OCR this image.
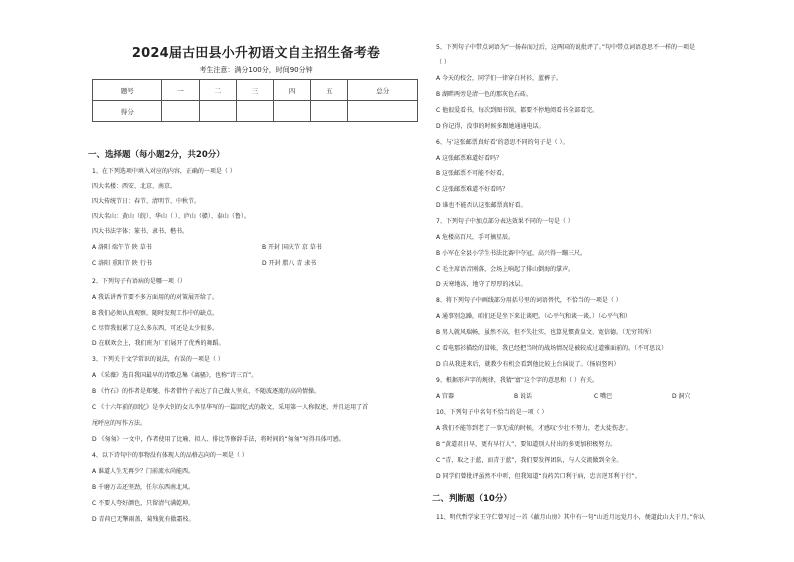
2024届古田县小升初语文自主招生备考卷
考生注意：满分100分，时间90分钟
题号	一	二	三	四	五	总分
得分						
一、选择题（每小题2分，共20分）
1、在下列选项中填入对应的内容，正确的一项是（ ）
四大名楼：西安、北京、南京。
四大传统节日：春节、清明节、中秋节。
四大名山：黄山（皖）、华山（ ）、庐山（赣）、泰山（鲁）。
四大书法字体：篆书、隶书、楷书。
A 洛阳 端午节 陕 草书	B 开封 国庆节 京 草书
C 洛阳 重阳节 陕 行书	D 开封 腊八 青 隶书
2、下列句子有语病的是哪一项（）
A 我话讲香节要不多方面用的的对策展开给了。
B 我们必须认真观察，随时发现工作中的缺点。
C 尽管我很累了这么多东西，可还是太少很多。
D 在联欢会上，我们班为厂们展开了优秀的舞蹈。
3、下列关于文学常识的说法，有误的一项是（ ）
A 《采薇》选自我国最早的诗歌总集《离骚》，也称“诗三百”。
B 《竹石》的作者是郑燮，作者借竹子表达了自己做人坚贞、不随波逐流的高尚情操。
C 《十六年前的回忆》是李大钊的女儿李星华写的一篇回忆式的散文，采用第一人称叙述，并且运用了首
尾呼应的写作方法。
D 《匆匆》一文中，作者使用了比喻、拟人、排比等修辞手法，将时间的“匆匆”写得具体可感。
4、以下诗句中的事物没有体现人的品格志向的一项是（ ）
A 谁道人生无再少？门前流水尚能西。
B 千磨万击还坚劲，任尔东西南北风。
C 不要人夸好颜色，只留清气满乾坤。
D 青荷已无擎雨盖，菊残犹有傲霜枝。
5、下列句子中带点词语为“一扬春而过后，这两国的说批评了。”句中带点词语意思不一样的一项是
（ ）
A 今天的校会，同学们一律穿白衬衫，蓝裤子。
B 湖畔两旁是清一色的那灰色石砖。
C 他很爱看书，每次到图书馆，都要不停地阅看书全部看完。
D 你记得，没事的时候多跟她通通电话。
6、与‘这张邮票真好看’的意思不同的句子是（ ）。
A 这张邮票难道好看吗？
B 这张邮票不可能不好看。
C 这张邮票难道不好看吗？
D 谁也不能否认这张邮票真好看。
7、下列句子中加点部分表达效果不同的一句是（ ）
A 危楼高百尺，手可摘星辰。
B 小军在全县小学生书法比赛中夺冠，高兴得一蹦三尺。
C 毛主席语音刚落，会场上响起了排山倒海的掌声。
D 天寒地冻，地守了厚厚的冰层。
8、将下列句子中画线部分用括号里的词语替代，不恰当的一项是（ ）
A 通事别急躁，咱们还是坐下来让谈吧。（心平气和谈一谈。）（心平气和）
B 男人就风瑞畅，虽然不高，但不失壮实，也算见惯黄皇文、宽信德。（无穷其所）
C 看电那衫描绘的冒帐，我已经把当时的战场情况是被较成过道雅面前的。（不可思议）
D 自从我进来后，就教少有机会看到他比较上台演说了。（扬眉竖吗）
9、根据形声字的规律，我猜“富”这个字的意思和（ ）有关。
A 宫器	B 说话	C 嘴巴	D 洞穴
10、下列句子中名句不恰当的是一项（ ）
A 我们不能等到老了一事无成的时候，才感叹‘少壮不努力，老大徒伤悲’。
B “黄道君日早，更有早行人”，要知道别人付出的多更加积极努力。
C “青，取之于蓝，而青于蓝”，我们要发挥团队，与人交流做到全全。
D 同学们曾批评虽然不中听，但我知道“良药苦口利于病，忠言逆耳利于行”。
二、判断题（10分）
11、明代哲学家王守仁曾写过一首《蔽月山房》其中有一句“山近月远觉月小，便道此山大于月。”你认
